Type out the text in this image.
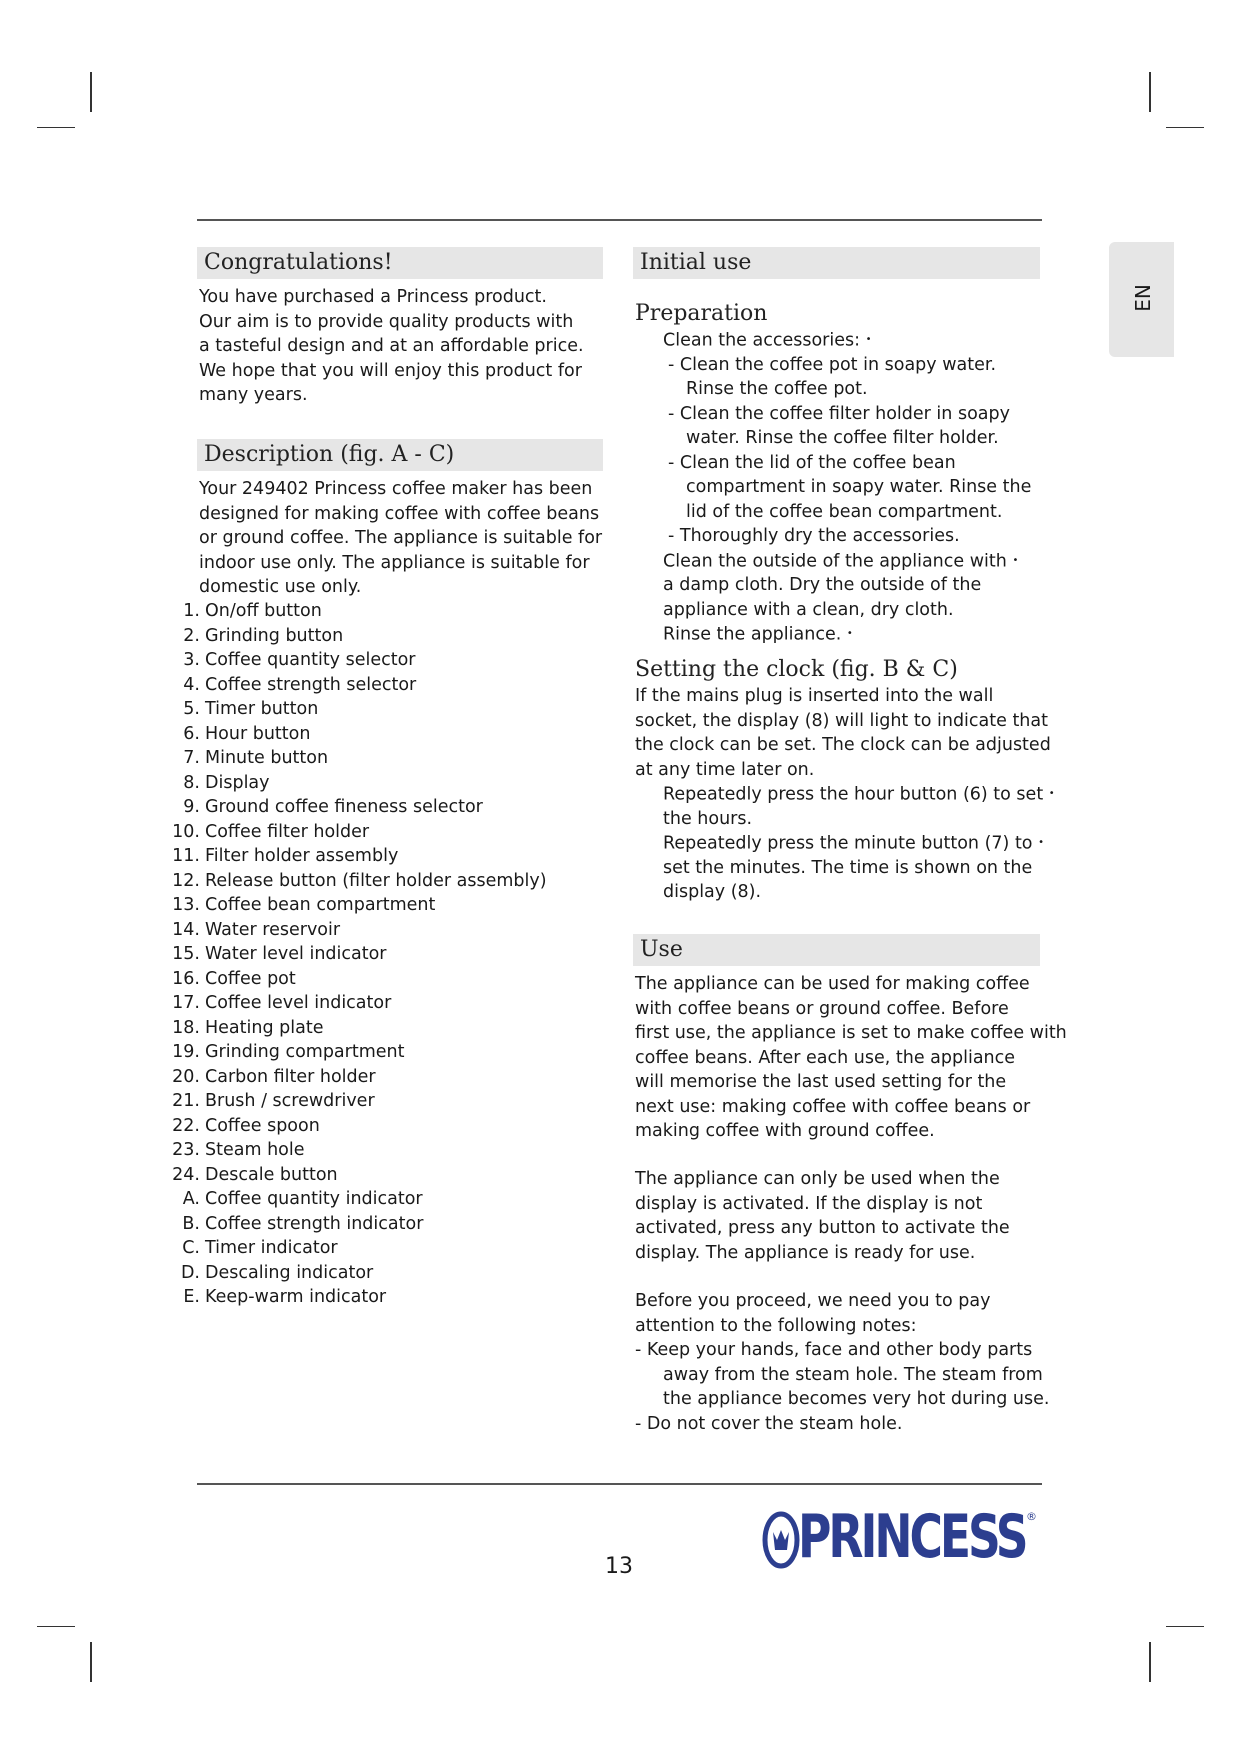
EN
Congratulations!
You have purchased a Princess product.
Our aim is to provide quality products with
a tasteful design and at an affordable price.
We hope that you will enjoy this product for
many years.
Description (fig. A - C)
Your 249402 Princess coffee maker has been
designed for making coffee with coffee beans
or ground coffee. The appliance is suitable for
indoor use only. The appliance is suitable for
domestic use only.
1. On/off button
2. Grinding button
3. Coffee quantity selector
4. Coffee strength selector
5. Timer button
6. Hour button
7. Minute button
8. Display
9. Ground coffee fineness selector
10. Coffee filter holder
11. Filter holder assembly
12. Release button (filter holder assembly)
13. Coffee bean compartment
14. Water reservoir
15. Water level indicator
16. Coffee pot
17. Coffee level indicator
18. Heating plate
19. Grinding compartment
20. Carbon filter holder
21. Brush / screwdriver
22. Coffee spoon
23. Steam hole
24. Descale button
A. Coffee quantity indicator
B. Coffee strength indicator
C. Timer indicator
D. Descaling indicator
E. Keep-warm indicator
Initial use
Preparation
Clean the accessories: •
- Clean the coffee pot in soapy water.
Rinse the coffee pot.
- Clean the coffee filter holder in soapy
water. Rinse the coffee filter holder.
- Clean the lid of the coffee bean
compartment in soapy water. Rinse the
lid of the coffee bean compartment.
- Thoroughly dry the accessories.
Clean the outside of the appliance with •
a damp cloth. Dry the outside of the
appliance with a clean, dry cloth.
Rinse the appliance. •
Setting the clock (fig. B & C)
If the mains plug is inserted into the wall
socket, the display (8) will light to indicate that
the clock can be set. The clock can be adjusted
at any time later on.
Repeatedly press the hour button (6) to set •
the hours.
Repeatedly press the minute button (7) to •
set the minutes. The time is shown on the
display (8).
Use
The appliance can be used for making coffee
with coffee beans or ground coffee. Before
first use, the appliance is set to make coffee with
coffee beans. After each use, the appliance
will memorise the last used setting for the
next use: making coffee with coffee beans or
making coffee with ground coffee.
The appliance can only be used when the
display is activated. If the display is not
activated, press any button to activate the
display. The appliance is ready for use.
Before you proceed, we need you to pay
attention to the following notes:
- Keep your hands, face and other body parts
away from the steam hole. The steam from
the appliance becomes very hot during use.
- Do not cover the steam hole.
13	PRINCESS ®
